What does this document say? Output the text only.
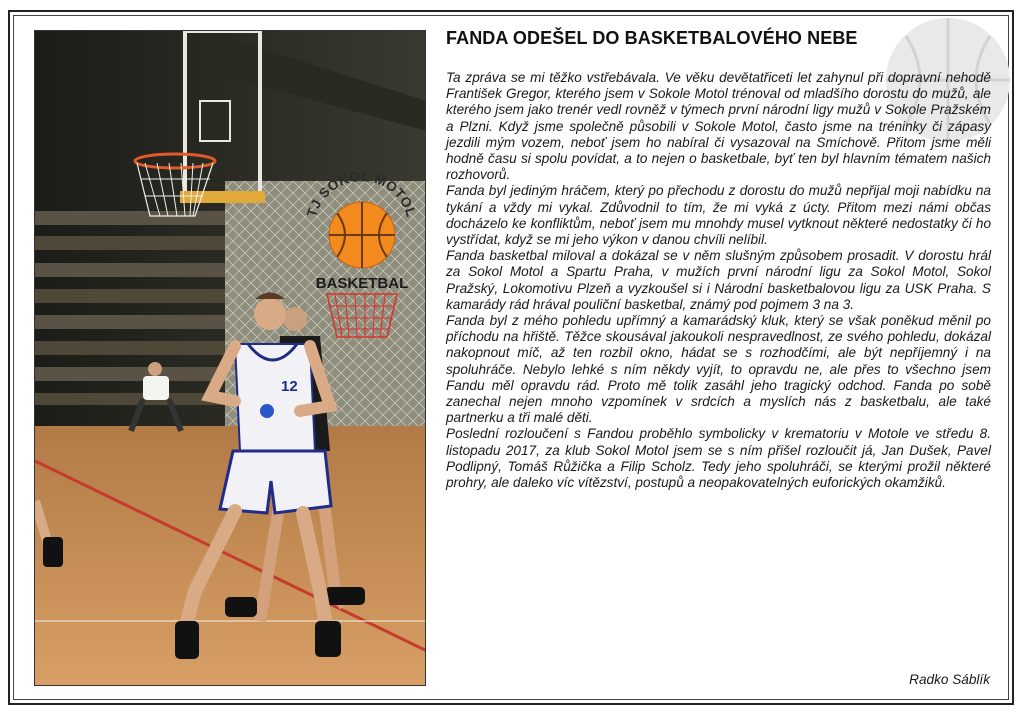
12
TJ SOKOL MOTOL
BASKETBAL
FANDA ODEŠEL DO BASKETBALOVÉHO NEBE

Ta zpráva se mi těžko vstřebávala. Ve věku devětatřiceti let zahynul při dopravní nehodě František Gregor, kterého jsem v Sokole Motol trénoval od mladšího dorostu do mužů, ale kterého jsem jako trenér vedl rovněž v týmech první národní ligy mužů v Sokole Pražském a Plzni. Když jsme společně působili v Sokole Motol, často jsme na tréninky či zápasy jezdili mým vozem, neboť jsem ho nabíral či vysazoval na Smíchově. Přitom jsme měli hodně času si spolu povídat, a to nejen o basketbale, byť ten byl hlavním tématem našich rozhovorů.

Fanda byl jediným hráčem, který po přechodu z dorostu do mužů nepřijal moji nabídku na tykání a vždy mi vykal. Zdůvodnil to tím, že mi vyká z úcty. Přitom mezi námi občas docházelo ke konfliktům, neboť jsem mu mnohdy musel vytknout některé nedostatky či ho vystřídat, když se mi jeho výkon v danou chvíli nelíbil.

Fanda basketbal miloval a dokázal se v něm slušným způsobem prosadit. V dorostu hrál za Sokol Motol a Spartu Praha, v mužích první národní ligu za Sokol Motol, Sokol Pražský, Lokomotivu Plzeň a vyzkoušel si i Národní basketbalovou ligu za USK Praha. S kamarády rád hrával pouliční basketbal, známý pod pojmem 3 na 3.

Fanda byl z mého pohledu upřímný a kamarádský kluk, který se však poněkud měnil po příchodu na hřiště. Těžce skousával jakoukoli nespravedlnost, ze svého pohledu, dokázal nakopnout míč, až ten rozbil okno, hádat se s rozhodčími, ale být nepříjemný i na spoluhráče. Nebylo lehké s ním někdy vyjít, to opravdu ne, ale přes to všechno jsem Fandu měl opravdu rád. Proto mě tolik zasáhl jeho tragický odchod. Fanda po sobě zanechal nejen mnoho vzpomínek v srdcích a myslích nás z basketbalu, ale také partnerku a tři malé děti.

Poslední rozloučení s Fandou proběhlo symbolicky v krematoriu v Motole ve středu 8. listopadu 2017, za klub Sokol Motol jsem se s ním přišel rozloučit já, Jan Dušek, Pavel Podlipný, Tomáš Růžička a Filip Scholz. Tedy jeho spoluhráči, se kterými prožil některé prohry, ale daleko víc vítězství, postupů a neopakovatelných euforických okamžiků.

Radko Sáblík
